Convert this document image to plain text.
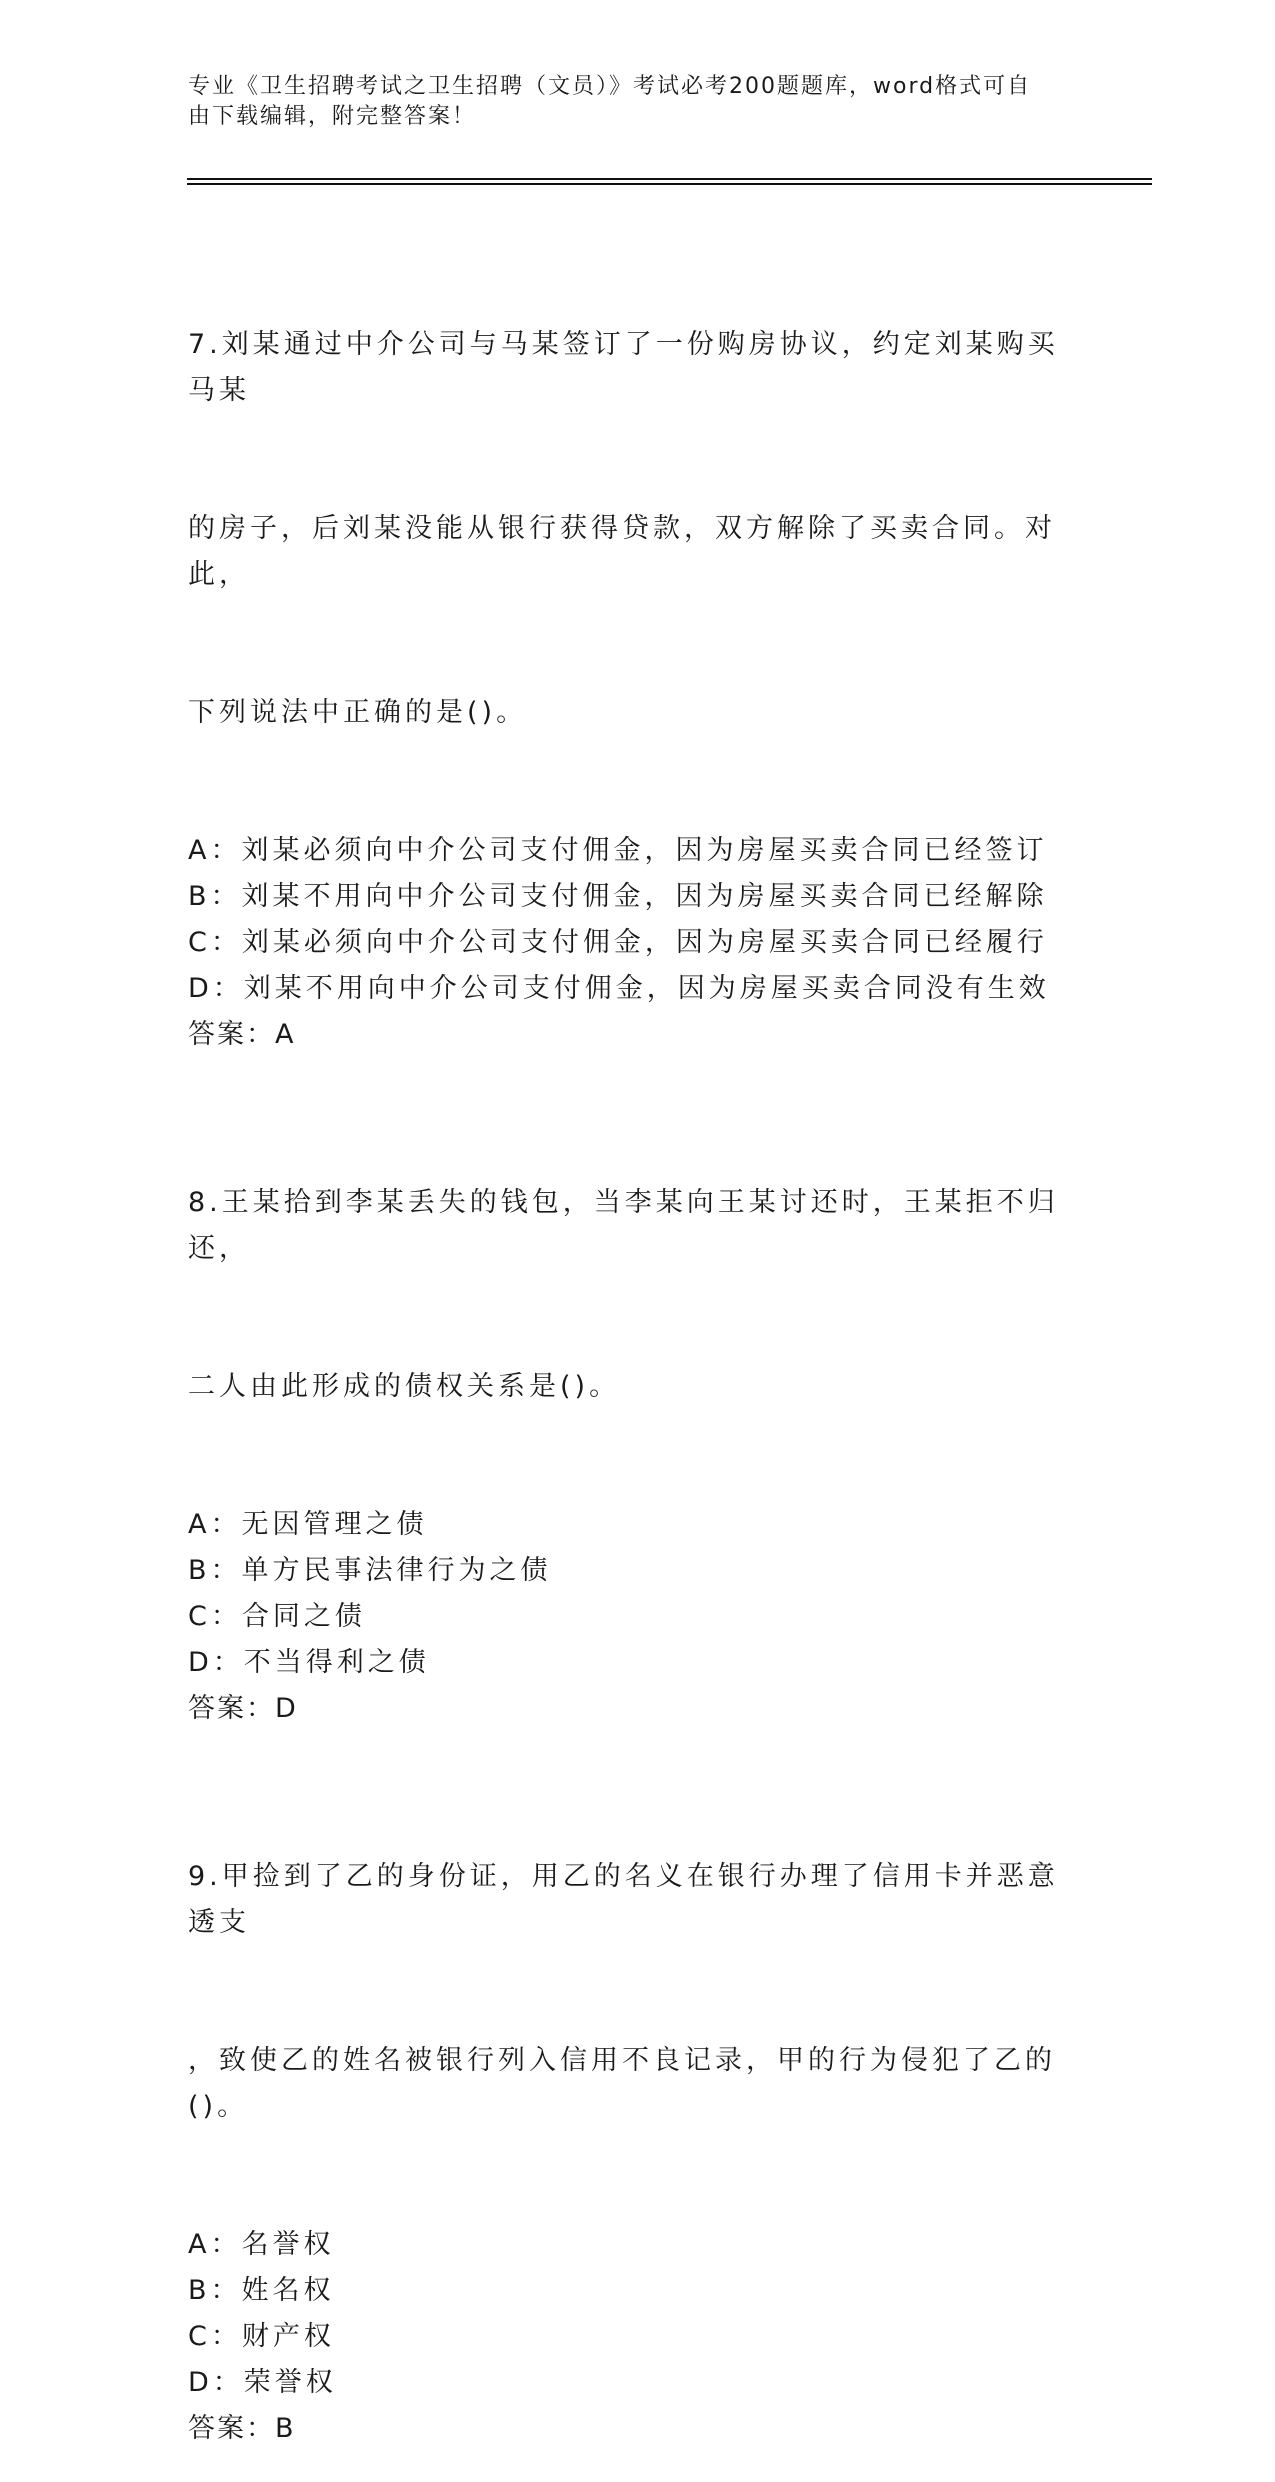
专业《卫生招聘考试之卫生招聘（文员）》考试必考200题题库，word格式可自
由下载编辑，附完整答案！

7.刘某通过中介公司与马某签订了一份购房协议，约定刘某购买马某

的房子，后刘某没能从银行获得贷款，双方解除了买卖合同。对此，

下列说法中正确的是()。

A：刘某必须向中介公司支付佣金，因为房屋买卖合同已经签订
B：刘某不用向中介公司支付佣金，因为房屋买卖合同已经解除
C：刘某必须向中介公司支付佣金，因为房屋买卖合同已经履行
D：刘某不用向中介公司支付佣金，因为房屋买卖合同没有生效
答案：A

8.王某拾到李某丢失的钱包，当李某向王某讨还时，王某拒不归还，

二人由此形成的债权关系是()。

A：无因管理之债
B：单方民事法律行为之债
C：合同之债
D：不当得利之债
答案：D

9.甲捡到了乙的身份证，用乙的名义在银行办理了信用卡并恶意透支

，致使乙的姓名被银行列入信用不良记录，甲的行为侵犯了乙的()。

A：名誉权
B：姓名权
C：财产权
D：荣誉权
答案：B
